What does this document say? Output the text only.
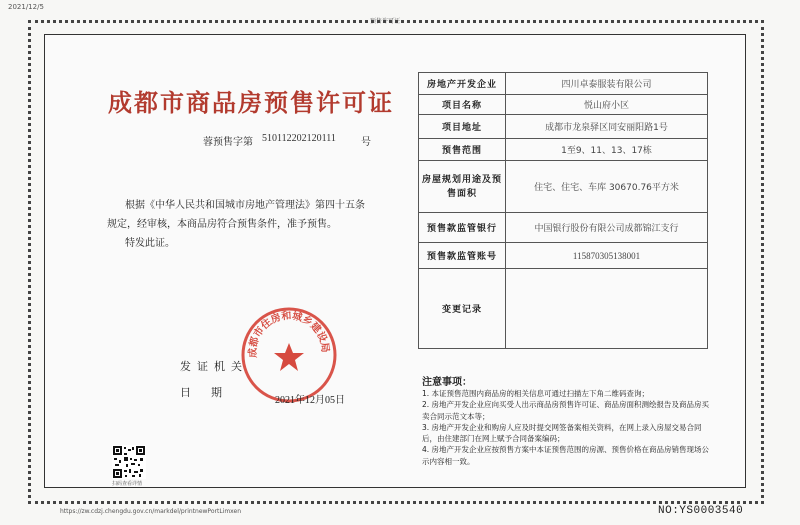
2021/12/5
预售许可证
成都市商品房预售许可证
蓉预售字第 510112202120111	号
根据《中华人民共和国城市房地产管理法》第四十五条
规定，经审核，本商品房符合预售条件，准予预售。
特发此证。
发证机关
日期
成都市住房和城乡建设局
2021年12月05日
扫码查看详情
房地产开发企业	四川卓泰服装有限公司
项目名称	悦山府小区
项目地址	成都市龙泉驿区同安丽阳路1号
预售范围	1至9、11、13、17栋
房屋规划用途及预售面积	住宅、住宅、车库 30670.76平方米
预售款监管银行	中国银行股份有限公司成都锦江支行
预售款监管账号	115870305138001
变更记录	
注意事项：
1. 本证预售范围内商品房的相关信息可通过扫描左下角二维码查询；
2. 房地产开发企业应向买受人出示商品房预售许可证、商品房面积测绘报告及商品房买卖合同示范文本等；
3. 房地产开发企业和购房人应及时提交网签备案相关资料，在网上录入房屋交易合同后，由住建部门在网上赋予合同备案编码；
4. 房地产开发企业应按预售方案中本证预售范围的房源、预售价格在商品房销售现场公示内容相一致。
https://zw.cdzj.chengdu.gov.cn/markdel/printnewPortLimxen	NO:YS0003540
